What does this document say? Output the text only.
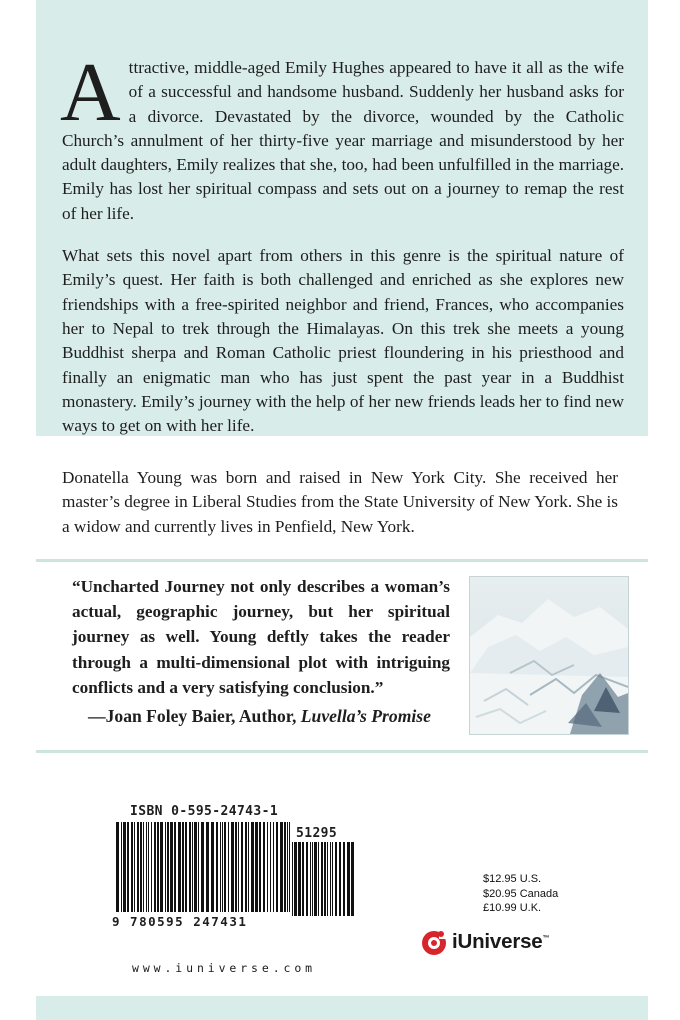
Attractive, middle-aged Emily Hughes appeared to have it all as the wife of a successful and handsome husband. Suddenly her husband asks for a divorce. Devastated by the divorce, wounded by the Catholic Church’s annulment of her thirty-five year marriage and misunderstood by her adult daughters, Emily realizes that she, too, had been unfulfilled in the marriage. Emily has lost her spiritual compass and sets out on a journey to remap the rest of her life.

What sets this novel apart from others in this genre is the spiritual nature of Emily’s quest. Her faith is both challenged and enriched as she explores new friendships with a free-spirited neighbor and friend, Frances, who accompanies her to Nepal to trek through the Himalayas. On this trek she meets a young Buddhist sherpa and Roman Catholic priest floundering in his priesthood and finally an enigmatic man who has just spent the past year in a Buddhist monastery. Emily’s journey with the help of her new friends leads her to find new ways to get on with her life.

Donatella Young was born and raised in New York City. She received her master’s degree in Liberal Studies from the State University of New York. She is a widow and currently lives in Penfield, New York.
“Uncharted Journey not only describes a woman’s actual, geographic journey, but her spiritual journey as well. Young deftly takes the reader through a multi-dimensional plot with intriguing conflicts and a very satisfying conclusion.”
—Joan Foley Baier, Author, Luvella’s Promise
ISBN 0-595-24743-1
51295
9 780595 247431
$12.95 U.S.
$20.95 Canada
£10.99 U.K.
iUniverse™
www.iuniverse.com
